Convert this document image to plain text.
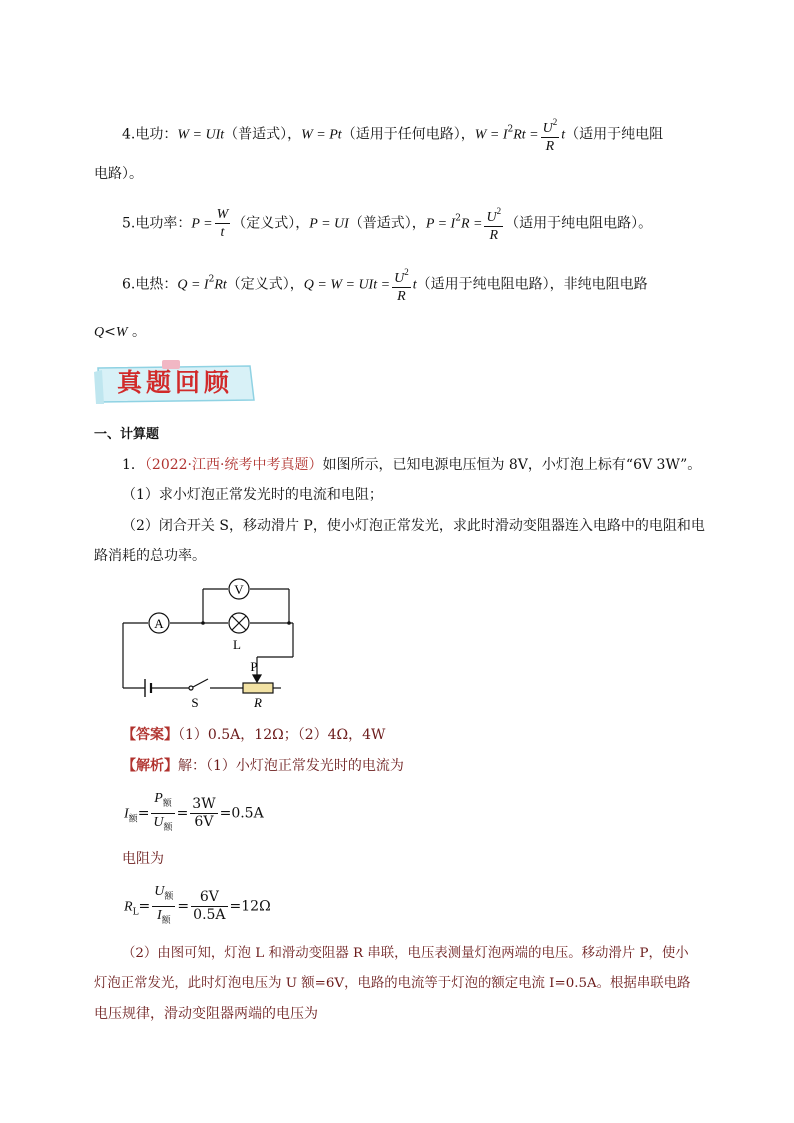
4.电功：W = UIt（普适式），W = Pt（适用于任何电路），$W = I^2Rt = \frac{U^2}{R} t$（适用于纯电阻
电路）。
5.电功率：$P = \frac{W}{t}$ （定义式），P = UI（普适式），$P = I^2R = \frac{U^2}{R}$ （适用于纯电阻电路）。
6.电热：$Q = I^2Rt$（定义式），Q = W = UIt = $\frac{U^2}{R} t$（适用于纯电阻电路），非纯电阻电路
Q<W 。
真题回顾
一、计算题
1．（2022·江西·统考中考真题）如图所示，已知电源电压恒为 8V，小灯泡上标有“6V 3W”。
（1）求小灯泡正常发光时的电流和电阻；
（2）闭合开关 S，移动滑片 P，使小灯泡正常发光，求此时滑动变阻器连入电路中的电阻和电
路消耗的总功率。
A
V
L
P
S	R
【答案】（1）0.5A，12Ω；（2）4Ω，4W
【解析】解：（1）小灯泡正常发光时的电流为
$I_额= \frac{P_额}{U_额} = \frac{3W}{6V} =0.5A$
电阻为
$R_L= \frac{U_额}{I_额} = \frac{6V}{0.5A} =12\Omega$
（2）由图可知，灯泡 L 和滑动变阻器 R 串联，电压表测量灯泡两端的电压。移动滑片 P，使小
灯泡正常发光，此时灯泡电压为 U 额=6V，电路的电流等于灯泡的额定电流 I=0.5A。根据串联电路
电压规律，滑动变阻器两端的电压为
